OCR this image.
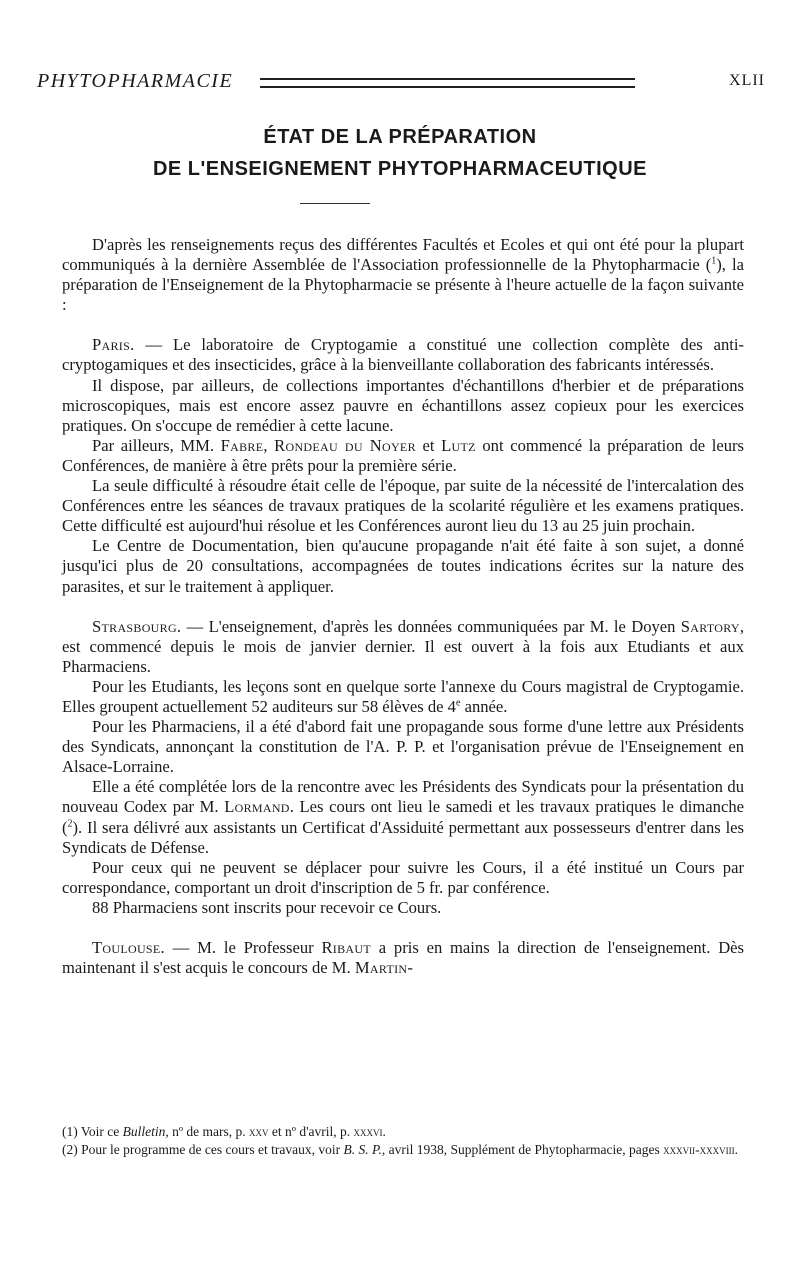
PHYTOPHARMACIE	XLII
ÉTAT DE LA PRÉPARATION
DE L'ENSEIGNEMENT PHYTOPHARMACEUTIQUE

D'après les renseignements reçus des différentes Facultés et Ecoles et qui ont été pour la plupart communiqués à la dernière Assemblée de l'Association professionnelle de la Phytopharmacie ($^1$), la préparation de l'Enseignement de la Phytopharmacie se présente à l'heure actuelle de la façon suivante :

Paris. — Le laboratoire de Cryptogamie a constitué une collection complète des anti-cryptogamiques et des insecticides, grâce à la bienveillante collaboration des fabricants intéressés.

Il dispose, par ailleurs, de collections importantes d'échantillons d'herbier et de préparations microscopiques, mais est encore assez pauvre en échantillons assez copieux pour les exercices pratiques. On s'occupe de remédier à cette lacune.

Par ailleurs, MM. Fabre, Rondeau du Noyer et Lutz ont commencé la préparation de leurs Conférences, de manière à être prêts pour la première série.

La seule difficulté à résoudre était celle de l'époque, par suite de la nécessité de l'intercalation des Conférences entre les séances de travaux pratiques de la scolarité régulière et les examens pratiques. Cette difficulté est aujourd'hui résolue et les Conférences auront lieu du 13 au 25 juin prochain.

Le Centre de Documentation, bien qu'aucune propagande n'ait été faite à son sujet, a donné jusqu'ici plus de 20 consultations, accompagnées de toutes indications écrites sur la nature des parasites, et sur le traitement à appliquer.

Strasbourg. — L'enseignement, d'après les données communiquées par M. le Doyen Sartory, est commencé depuis le mois de janvier dernier. Il est ouvert à la fois aux Etudiants et aux Pharmaciens.

Pour les Etudiants, les leçons sont en quelque sorte l'annexe du Cours magistral de Cryptogamie. Elles groupent actuellement 52 auditeurs sur 58 élèves de 4e année.

Pour les Pharmaciens, il a été d'abord fait une propagande sous forme d'une lettre aux Présidents des Syndicats, annonçant la constitution de l'A. P. P. et l'organisation prévue de l'Enseignement en Alsace-Lorraine.

Elle a été complétée lors de la rencontre avec les Présidents des Syndicats pour la présentation du nouveau Codex par M. Lormand. Les cours ont lieu le samedi et les travaux pratiques le dimanche ($^2$). Il sera délivré aux assistants un Certificat d'Assiduité permettant aux possesseurs d'entrer dans les Syndicats de Défense.

Pour ceux qui ne peuvent se déplacer pour suivre les Cours, il a été institué un Cours par correspondance, comportant un droit d'inscription de 5 fr. par conférence.

88 Pharmaciens sont inscrits pour recevoir ce Cours.

Toulouse. — M. le Professeur Ribaut a pris en mains la direction de l'enseignement. Dès maintenant il s'est acquis le concours de M. Martin-

(1) Voir ce Bulletin, nº de mars, p. xxv et nº d'avril, p. xxxvi.

(2) Pour le programme de ces cours et travaux, voir B. S. P., avril 1938, Supplément de Phytopharmacie, pages xxxvii-xxxviii.
